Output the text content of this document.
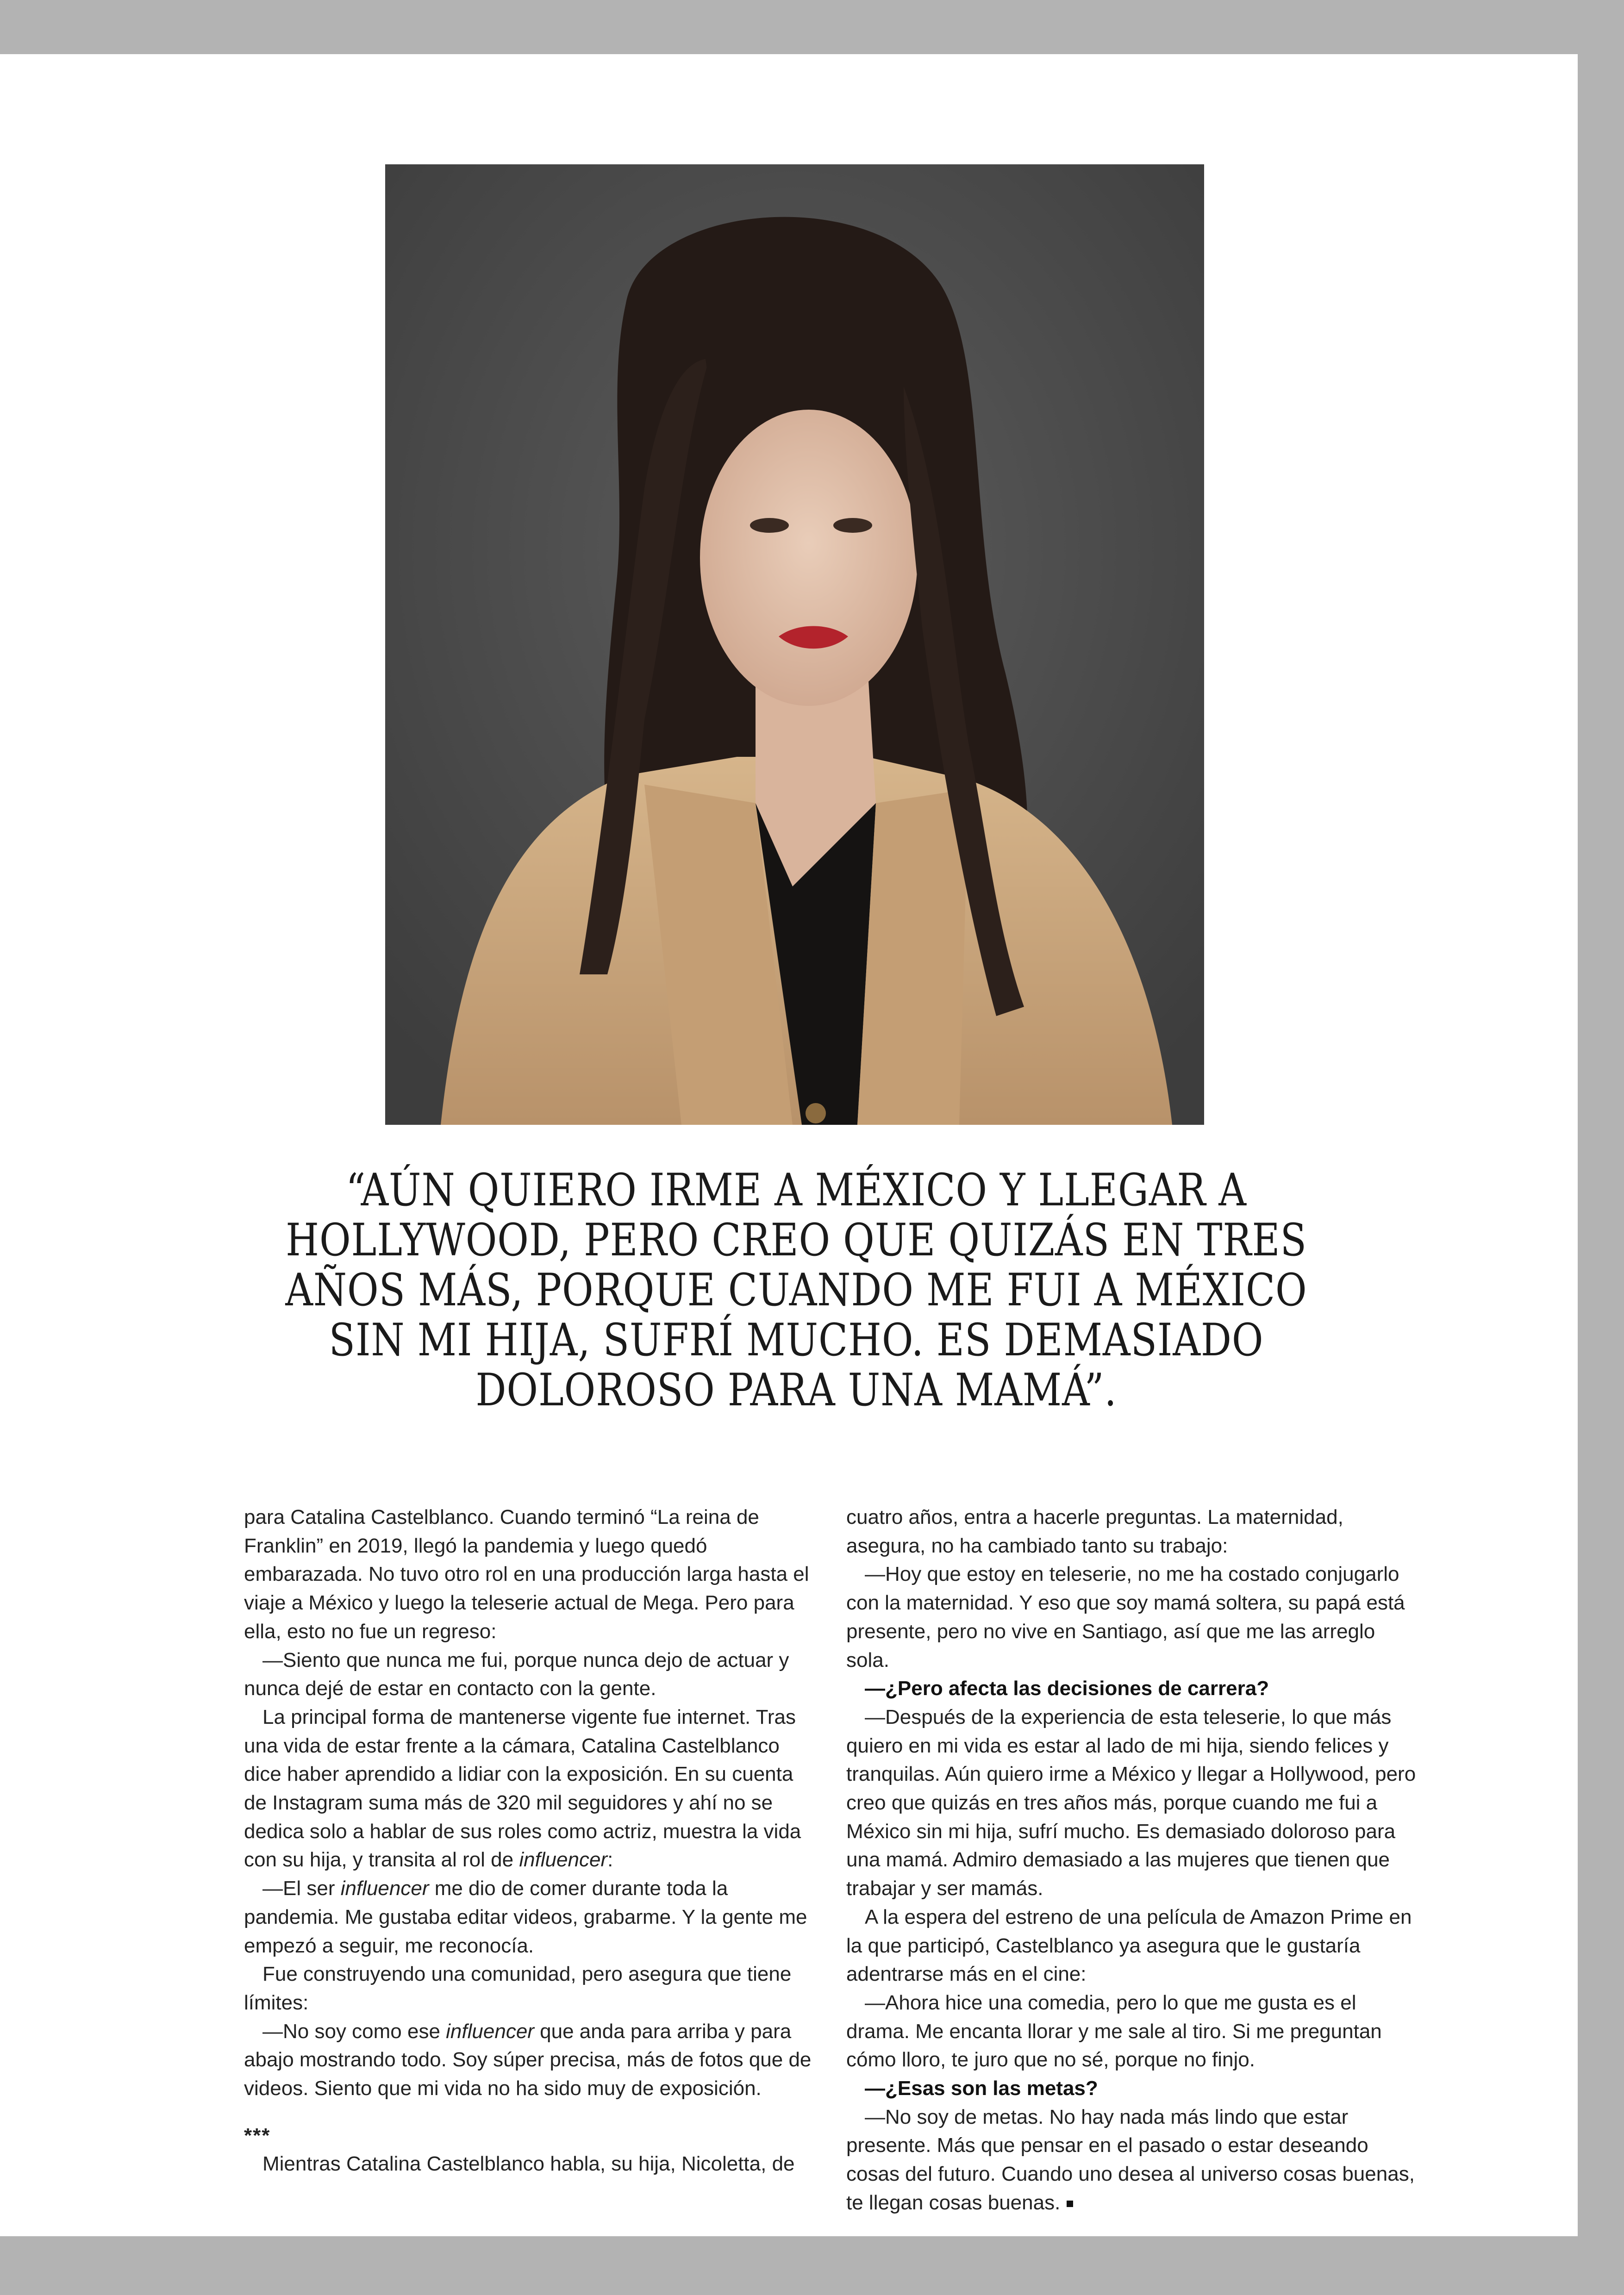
“AÚN QUIERO IRME A MÉXICO Y LLEGAR A HOLLYWOOD, PERO CREO QUE QUIZÁS EN TRES AÑOS MÁS, PORQUE CUANDO ME FUI A MÉXICO SIN MI HIJA, SUFRÍ MUCHO. ES DEMASIADO DOLOROSO PARA UNA MAMÁ”.

para Catalina Castelblanco. Cuando terminó “La reina de Franklin” en 2019, llegó la pandemia y luego quedó embarazada. No tuvo otro rol en una producción larga hasta el viaje a México y luego la teleserie actual de Mega. Pero para ella, esto no fue un regreso:

—Siento que nunca me fui, porque nunca dejo de actuar y nunca dejé de estar en contacto con la gente.

La principal forma de mantenerse vigente fue internet. Tras una vida de estar frente a la cámara, Catalina Castelblanco dice haber aprendido a lidiar con la exposición. En su cuenta de Instagram suma más de 320 mil seguidores y ahí no se dedica solo a hablar de sus roles como actriz, muestra la vida con su hija, y transita al rol de influencer:

—El ser influencer me dio de comer durante toda la pandemia. Me gustaba editar videos, grabarme. Y la gente me empezó a seguir, me reconocía.

Fue construyendo una comunidad, pero asegura que tiene límites:

—No soy como ese influencer que anda para arriba y para abajo mostrando todo. Soy súper precisa, más de fotos que de videos. Siento que mi vida no ha sido muy de exposición.

***

Mientras Catalina Castelblanco habla, su hija, Nicoletta, de

cuatro años, entra a hacerle preguntas. La maternidad, asegura, no ha cambiado tanto su trabajo:

—Hoy que estoy en teleserie, no me ha costado conjugarlo con la maternidad. Y eso que soy mamá soltera, su papá está presente, pero no vive en Santiago, así que me las arreglo sola.

—¿Pero afecta las decisiones de carrera?

—Después de la experiencia de esta teleserie, lo que más quiero en mi vida es estar al lado de mi hija, siendo felices y tranquilas. Aún quiero irme a México y llegar a Hollywood, pero creo que quizás en tres años más, porque cuando me fui a México sin mi hija, sufrí mucho. Es demasiado doloroso para una mamá. Admiro demasiado a las mujeres que tienen que trabajar y ser mamás.

A la espera del estreno de una película de Amazon Prime en la que participó, Castelblanco ya asegura que le gustaría adentrarse más en el cine:

—Ahora hice una comedia, pero lo que me gusta es el drama. Me encanta llorar y me sale al tiro. Si me preguntan cómo lloro, te juro que no sé, porque no finjo.

—¿Esas son las metas?

—No soy de metas. No hay nada más lindo que estar presente. Más que pensar en el pasado o estar deseando cosas del futuro. Cuando uno desea al universo cosas buenas, te llegan cosas buenas.
